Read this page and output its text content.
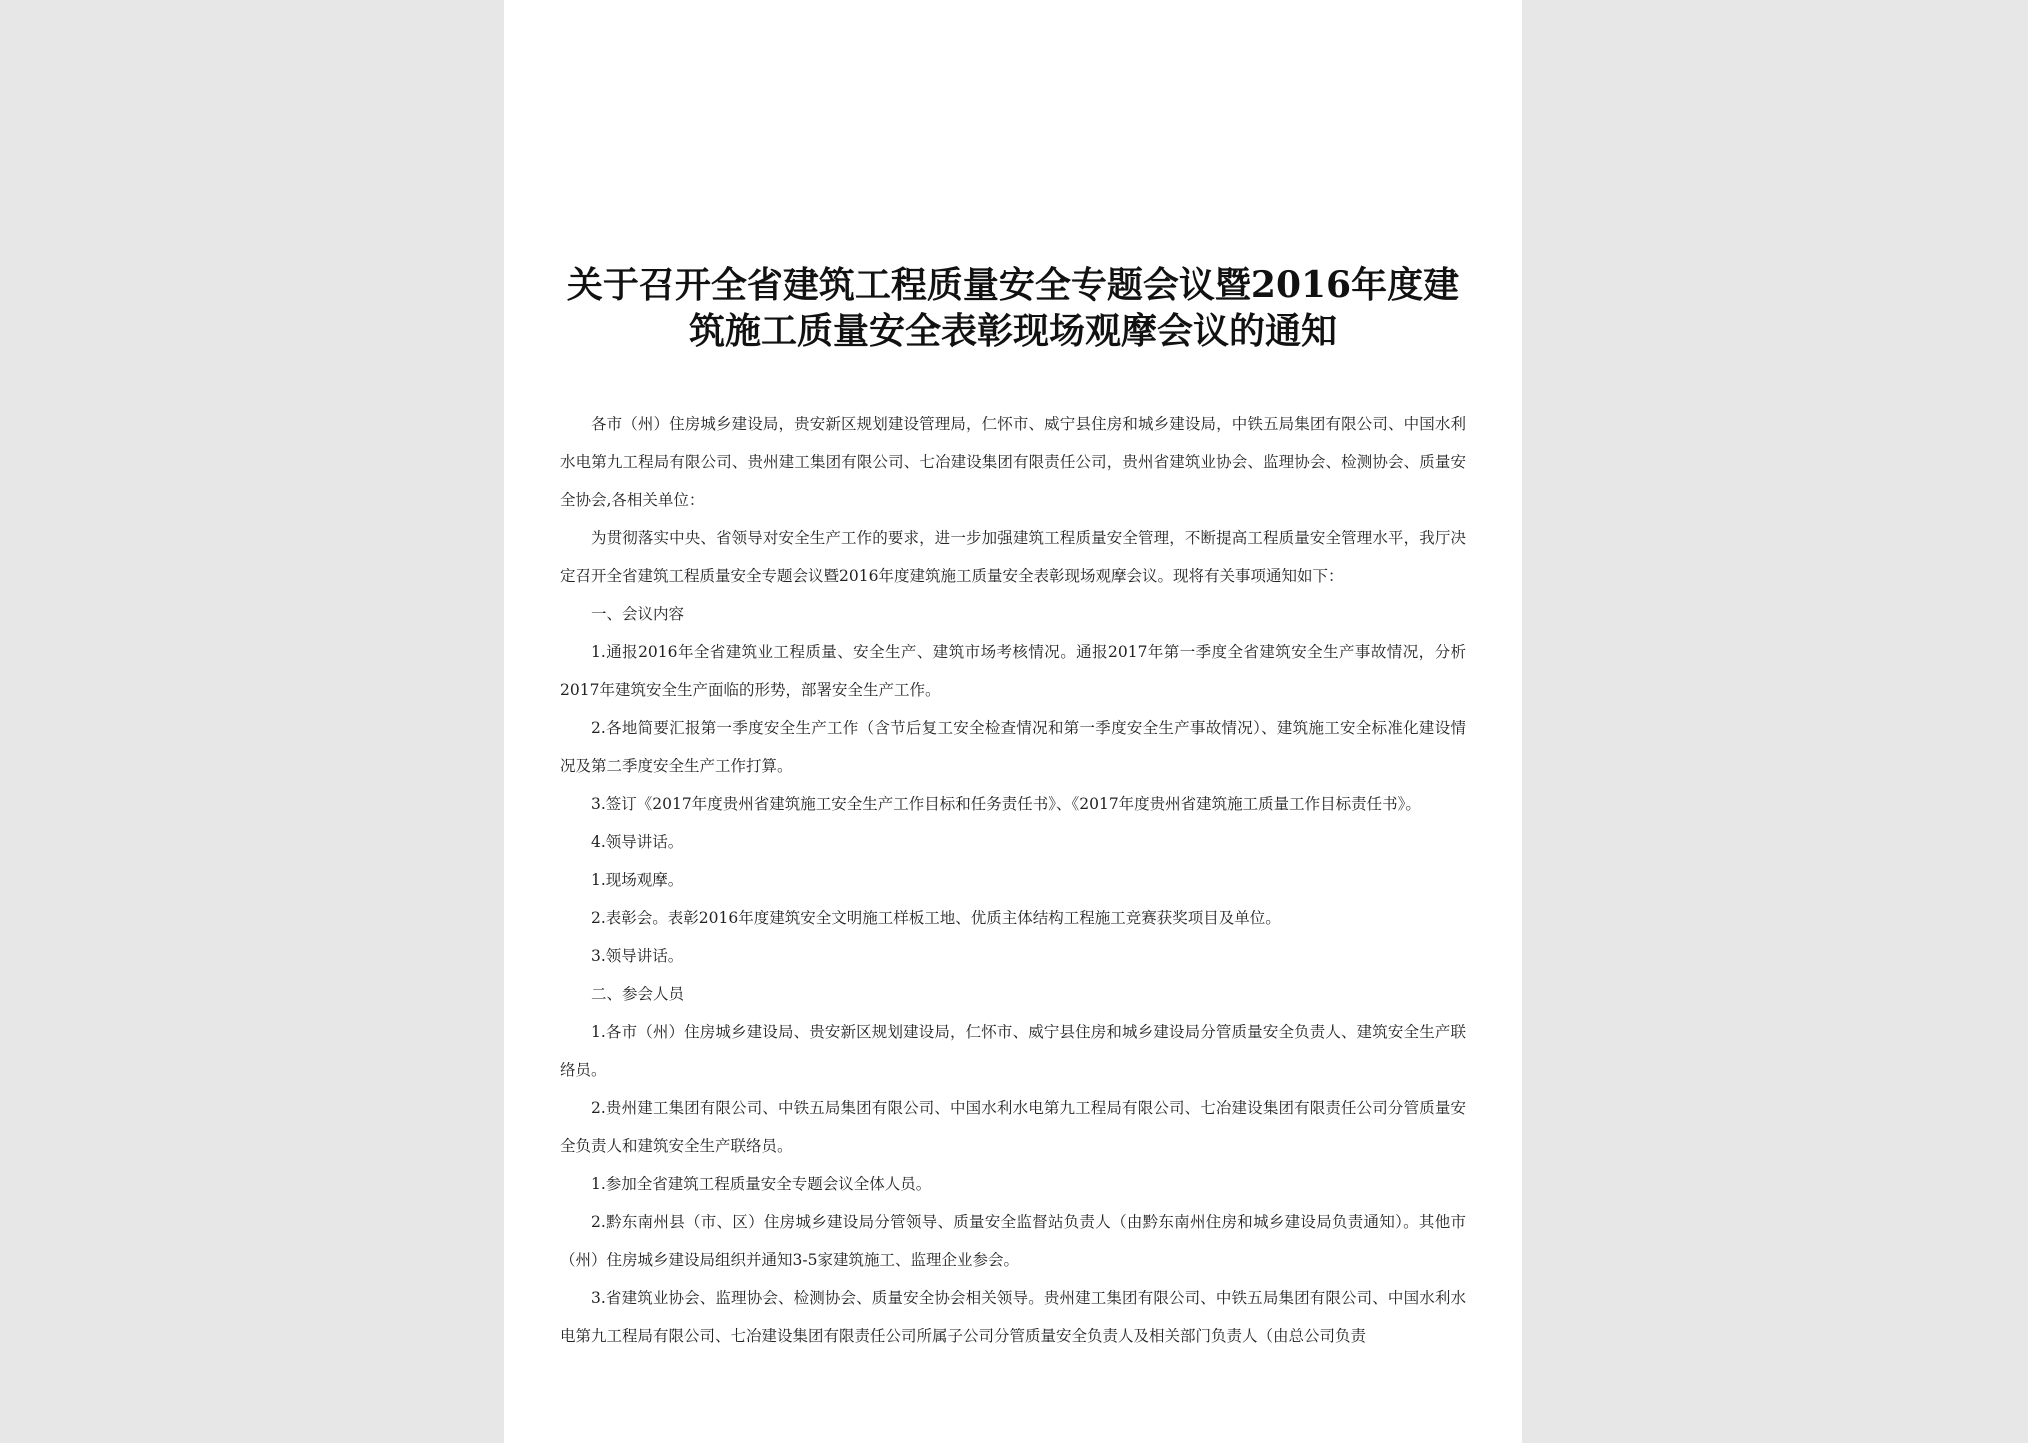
关于召开全省建筑工程质量安全专题会议暨2016年度建
筑施工质量安全表彰现场观摩会议的通知

各市（州）住房城乡建设局，贵安新区规划建设管理局，仁怀市、威宁县住房和城乡建设局，中铁五局集团有限公司、中国水利水电第九工程局有限公司、贵州建工集团有限公司、七冶建设集团有限责任公司，贵州省建筑业协会、监理协会、检测协会、质量安全协会,各相关单位：

为贯彻落实中央、省领导对安全生产工作的要求，进一步加强建筑工程质量安全管理，不断提高工程质量安全管理水平，我厅决定召开全省建筑工程质量安全专题会议暨2016年度建筑施工质量安全表彰现场观摩会议。现将有关事项通知如下：

一、会议内容

1.通报2016年全省建筑业工程质量、安全生产、建筑市场考核情况。通报2017年第一季度全省建筑安全生产事故情况，分析2017年建筑安全生产面临的形势，部署安全生产工作。

2.各地简要汇报第一季度安全生产工作（含节后复工安全检查情况和第一季度安全生产事故情况）、建筑施工安全标准化建设情况及第二季度安全生产工作打算。

3.签订《2017年度贵州省建筑施工安全生产工作目标和任务责任书》、《2017年度贵州省建筑施工质量工作目标责任书》。

4.领导讲话。

1.现场观摩。

2.表彰会。表彰2016年度建筑安全文明施工样板工地、优质主体结构工程施工竞赛获奖项目及单位。

3.领导讲话。

二、参会人员

1.各市（州）住房城乡建设局、贵安新区规划建设局，仁怀市、威宁县住房和城乡建设局分管质量安全负责人、建筑安全生产联络员。

2.贵州建工集团有限公司、中铁五局集团有限公司、中国水利水电第九工程局有限公司、七冶建设集团有限责任公司分管质量安全负责人和建筑安全生产联络员。

1.参加全省建筑工程质量安全专题会议全体人员。

2.黔东南州县（市、区）住房城乡建设局分管领导、质量安全监督站负责人（由黔东南州住房和城乡建设局负责通知）。其他市（州）住房城乡建设局组织并通知3-5家建筑施工、监理企业参会。

3.省建筑业协会、监理协会、检测协会、质量安全协会相关领导。贵州建工集团有限公司、中铁五局集团有限公司、中国水利水电第九工程局有限公司、七冶建设集团有限责任公司所属子公司分管质量安全负责人及相关部门负责人（由总公司负责
